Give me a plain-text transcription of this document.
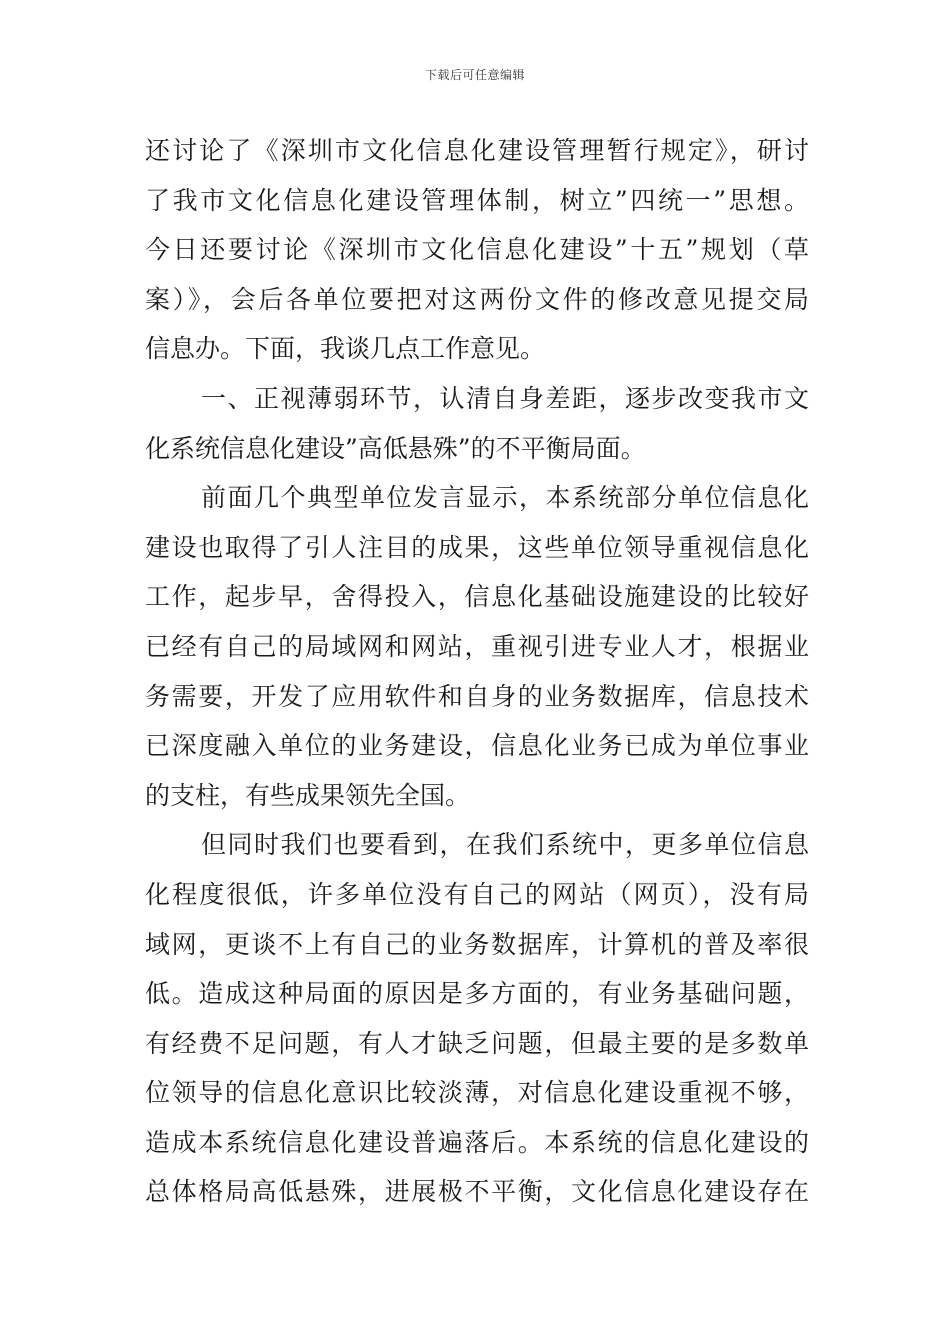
下载后可任意编辑
还讨论了《深圳市文化信息化建设管理暂行规定》，研讨
了我市文化信息化建设管理体制，树立”四统一”思想。
今日还要讨论《深圳市文化信息化建设”十五”规划（草
案）》，会后各单位要把对这两份文件的修改意见提交局
信息办。下面，我谈几点工作意见。
一、正视薄弱环节，认清自身差距，逐步改变我市文
化系统信息化建设”高低悬殊”的不平衡局面。
前面几个典型单位发言显示，本系统部分单位信息化
建设也取得了引人注目的成果，这些单位领导重视信息化
工作，起步早，舍得投入，信息化基础设施建设的比较好
已经有自己的局域网和网站，重视引进专业人才，根据业
务需要，开发了应用软件和自身的业务数据库，信息技术
已深度融入单位的业务建设，信息化业务已成为单位事业
的支柱，有些成果领先全国。
但同时我们也要看到，在我们系统中，更多单位信息
化程度很低，许多单位没有自己的网站（网页），没有局
域网，更谈不上有自己的业务数据库，计算机的普及率很
低。造成这种局面的原因是多方面的，有业务基础问题，
有经费不足问题，有人才缺乏问题，但最主要的是多数单
位领导的信息化意识比较淡薄，对信息化建设重视不够，
造成本系统信息化建设普遍落后。本系统的信息化建设的
总体格局高低悬殊，进展极不平衡，文化信息化建设存在
